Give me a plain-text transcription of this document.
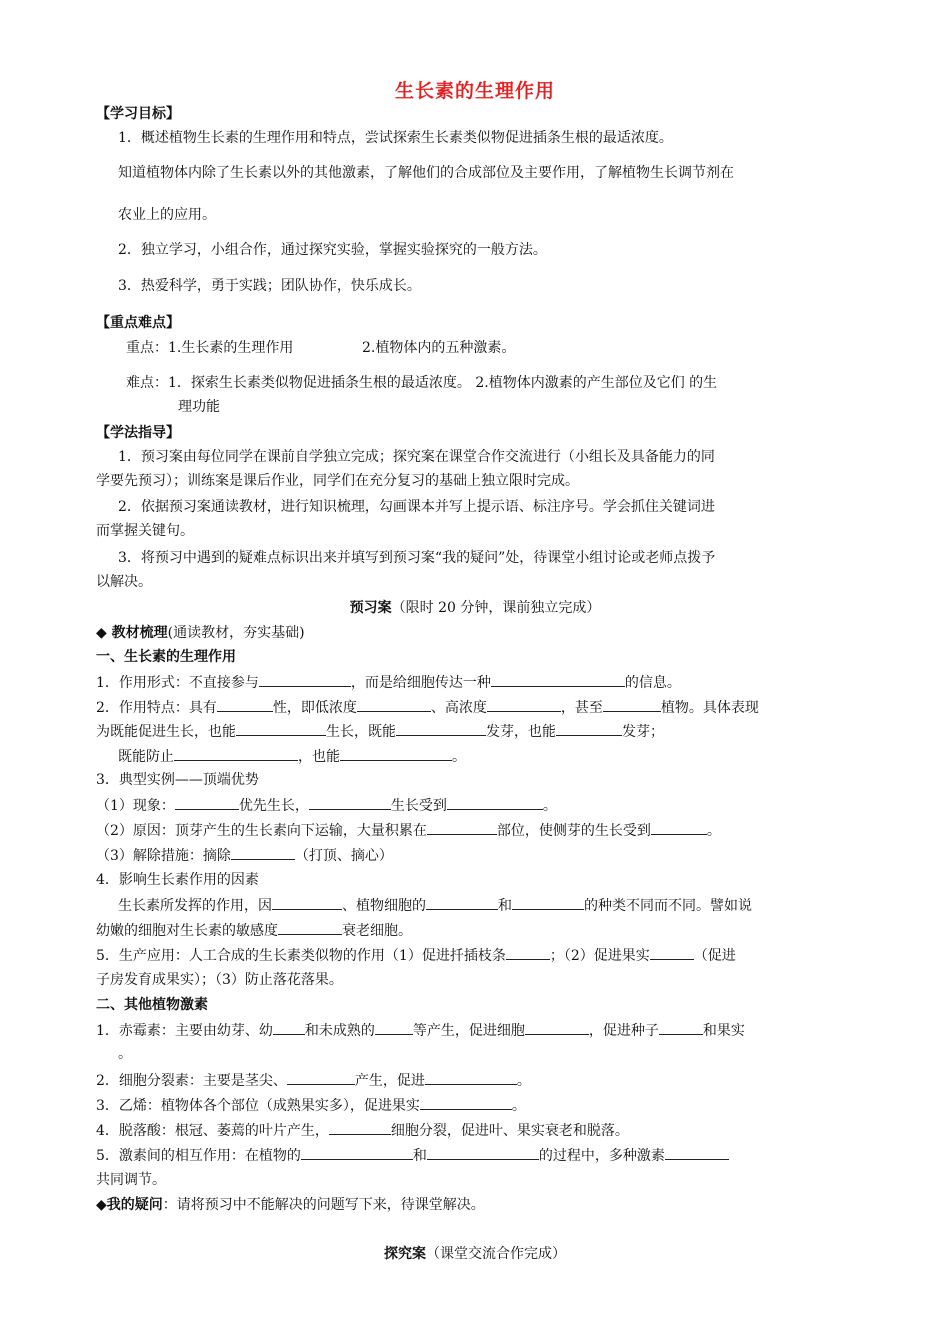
生长素的生理作用
【学习目标】
1．概述植物生长素的生理作用和特点，尝试探索生长素类似物促进插条生根的最适浓度。
知道植物体内除了生长素以外的其他激素，了解他们的合成部位及主要作用，了解植物生长调节剂在
农业上的应用。
2．独立学习，小组合作，通过探究实验，掌握实验探究的一般方法。
3．热爱科学，勇于实践；团队协作，快乐成长。
【重点难点】
重点：1.生长素的生理作用	2.植物体内的五种激素。
难点：1．探索生长素类似物促进插条生根的最适浓度。 2.植物体内激素的产生部位及它们 的生
理功能
【学法指导】
1．预习案由每位同学在课前自学独立完成；探究案在课堂合作交流进行（小组长及具备能力的同
学要先预习）；训练案是课后作业，同学们在充分复习的基础上独立限时完成。
2．依据预习案通读教材，进行知识梳理，勾画课本并写上提示语、标注序号。学会抓住关键词进
而掌握关键句。
3．将预习中遇到的疑难点标识出来并填写到预习案“我的疑问”处，待课堂小组讨论或老师点拨予
以解决。
预习案（限时 20 分钟，课前独立完成）
◆ 教材梳理(通读教材，夯实基础)
一、生长素的生理作用
1．作用形式：不直接参与	，而是给细胞传达一种	的信息。
2．作用特点：具有	性，即低浓度	、高浓度	，甚至	植物。具体表现
为既能促进生长，也能	生长，既能	发芽，也能	发芽；
既能防止	，也能	。
3．典型实例——顶端优势
（1）现象：	优先生长，	生长受到	。
（2）原因：顶芽产生的生长素向下运输，大量积累在	部位，使侧芽的生长受到	。
（3）解除措施：摘除	（打顶、摘心）
4．影响生长素作用的因素
生长素所发挥的作用，因	、植物细胞的	和	的种类不同而不同。譬如说
幼嫩的细胞对生长素的敏感度	衰老细胞。
5．生产应用：人工合成的生长素类似物的作用（1）促进扦插枝条	；（2）促进果实	（促进
子房发育成果实）；（3）防止落花落果。
二、其他植物激素
1．赤霉素：主要由幼芽、幼 和未成熟的	等产生，促进细胞	，促进种子	和果实
。
2．细胞分裂素：主要是茎尖、	产生，促进	。
3．乙烯：植物体各个部位（成熟果实多），促进果实	。
4．脱落酸：根冠、萎蔫的叶片产生，	细胞分裂，促进叶、果实衰老和脱落。
5．激素间的相互作用：在植物的	和	的过程中，多种激素
共同调节。
◆我的疑问：请将预习中不能解决的问题写下来，待课堂解决。
探究案（课堂交流合作完成）
